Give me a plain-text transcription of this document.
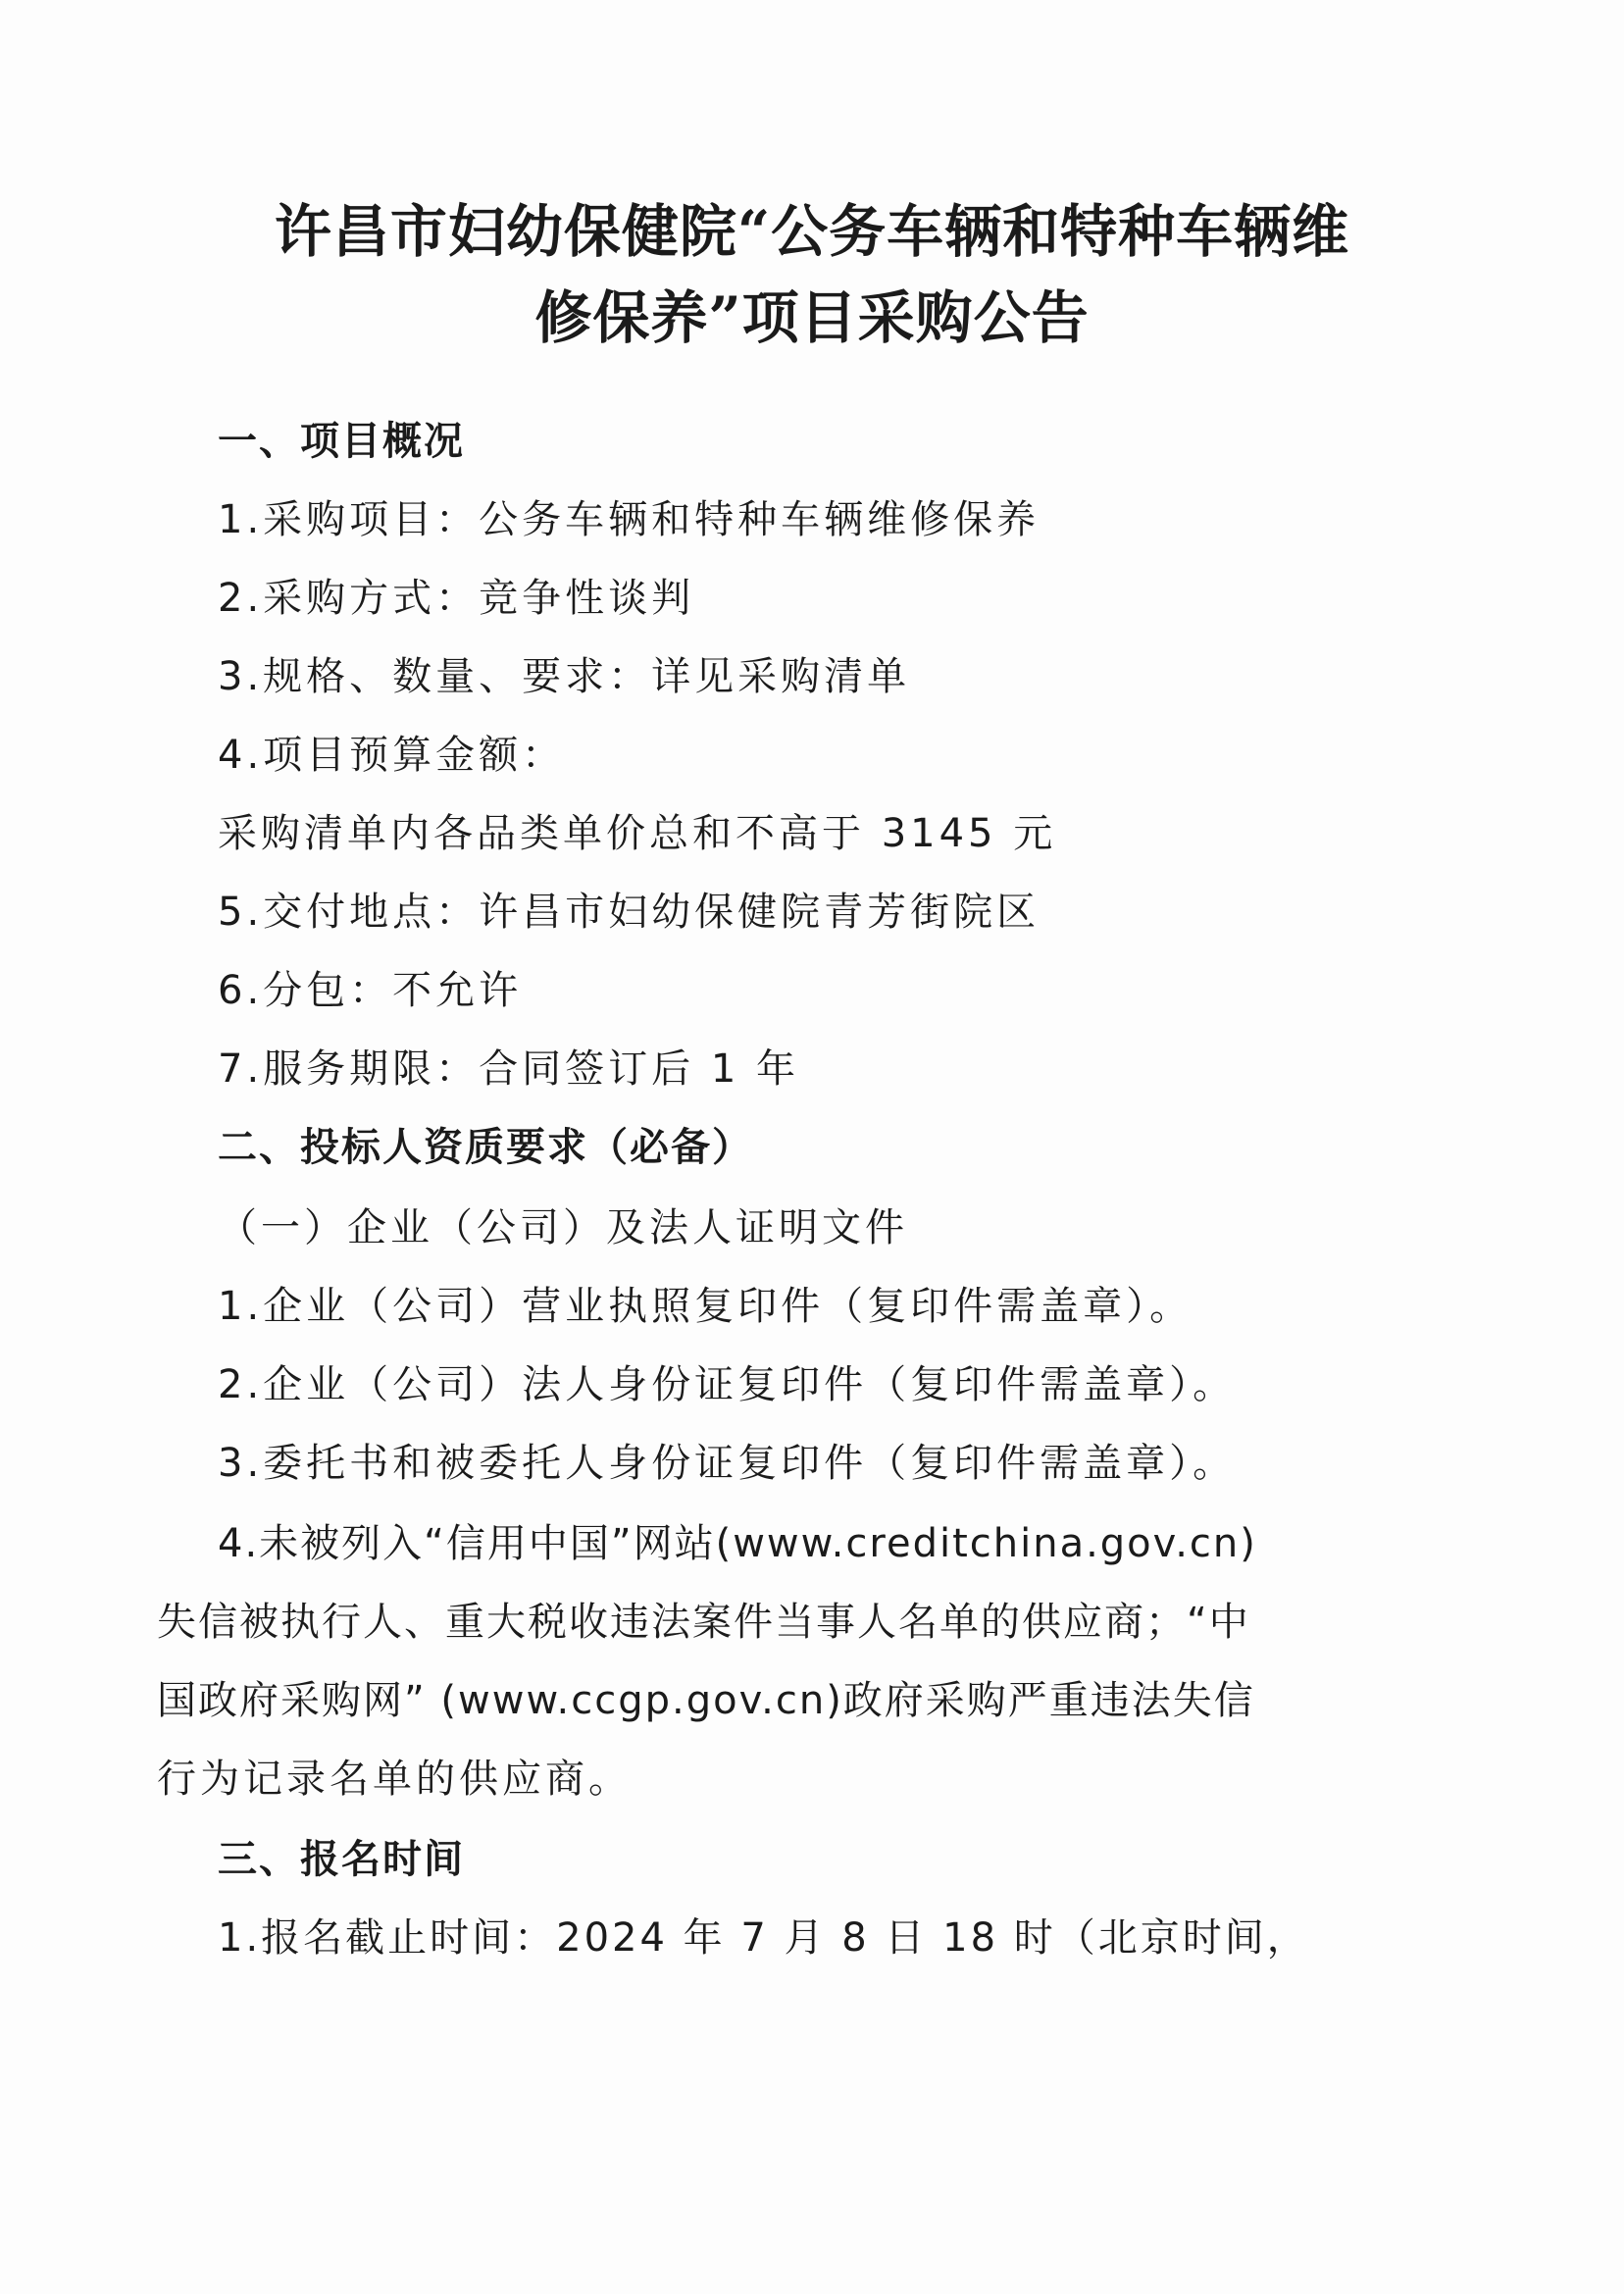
许昌市妇幼保健院“公务车辆和特种车辆维
修保养”项目采购公告
一、项目概况
1.采购项目：公务车辆和特种车辆维修保养
2.采购方式：竞争性谈判
3.规格、数量、要求：详见采购清单
4.项目预算金额：
采购清单内各品类单价总和不高于 3145 元
5.交付地点：许昌市妇幼保健院青芳街院区
6.分包：不允许
7.服务期限：合同签订后 1 年
二、投标人资质要求（必备）
（一）企业（公司）及法人证明文件
1.企业（公司）营业执照复印件（复印件需盖章）。
2.企业（公司）法人身份证复印件（复印件需盖章）。
3.委托书和被委托人身份证复印件（复印件需盖章）。
4.未被列入“信用中国”网站(www.creditchina.gov.cn)
失信被执行人、重大税收违法案件当事人名单的供应商；“中
国政府采购网” (www.ccgp.gov.cn)政府采购严重违法失信
行为记录名单的供应商。
三、报名时间
1.报名截止时间：2024 年 7 月 8 日 18 时（北京时间，
